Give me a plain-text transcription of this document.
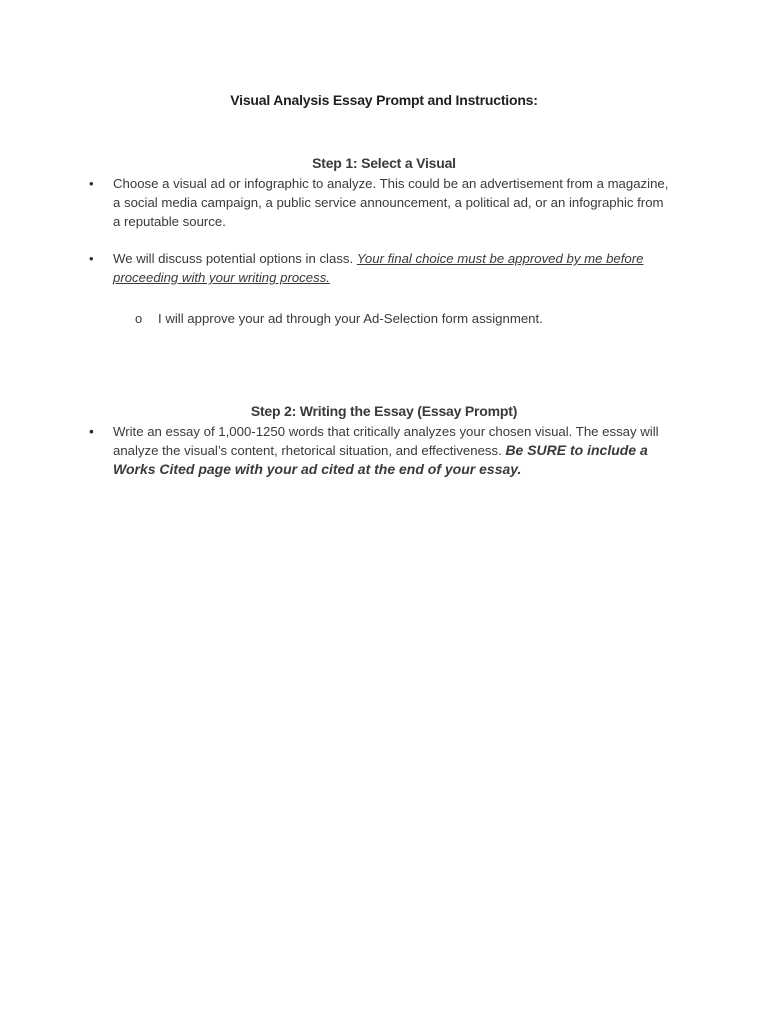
Visual Analysis Essay Prompt and Instructions:
Step 1: Select a Visual
• Choose a visual ad or infographic to analyze. This could be an advertisement from a magazine, a social media campaign, a public service announcement, a political ad, or an infographic from a reputable source.
• We will discuss potential options in class. Your final choice must be approved by me before proceeding with your writing process.
o I will approve your ad through your Ad-Selection form assignment.
Step 2: Writing the Essay (Essay Prompt)
• Write an essay of 1,000-1250 words that critically analyzes your chosen visual. The essay will analyze the visual’s content, rhetorical situation, and effectiveness. Be SURE to include a Works Cited page with your ad cited at the end of your essay.
